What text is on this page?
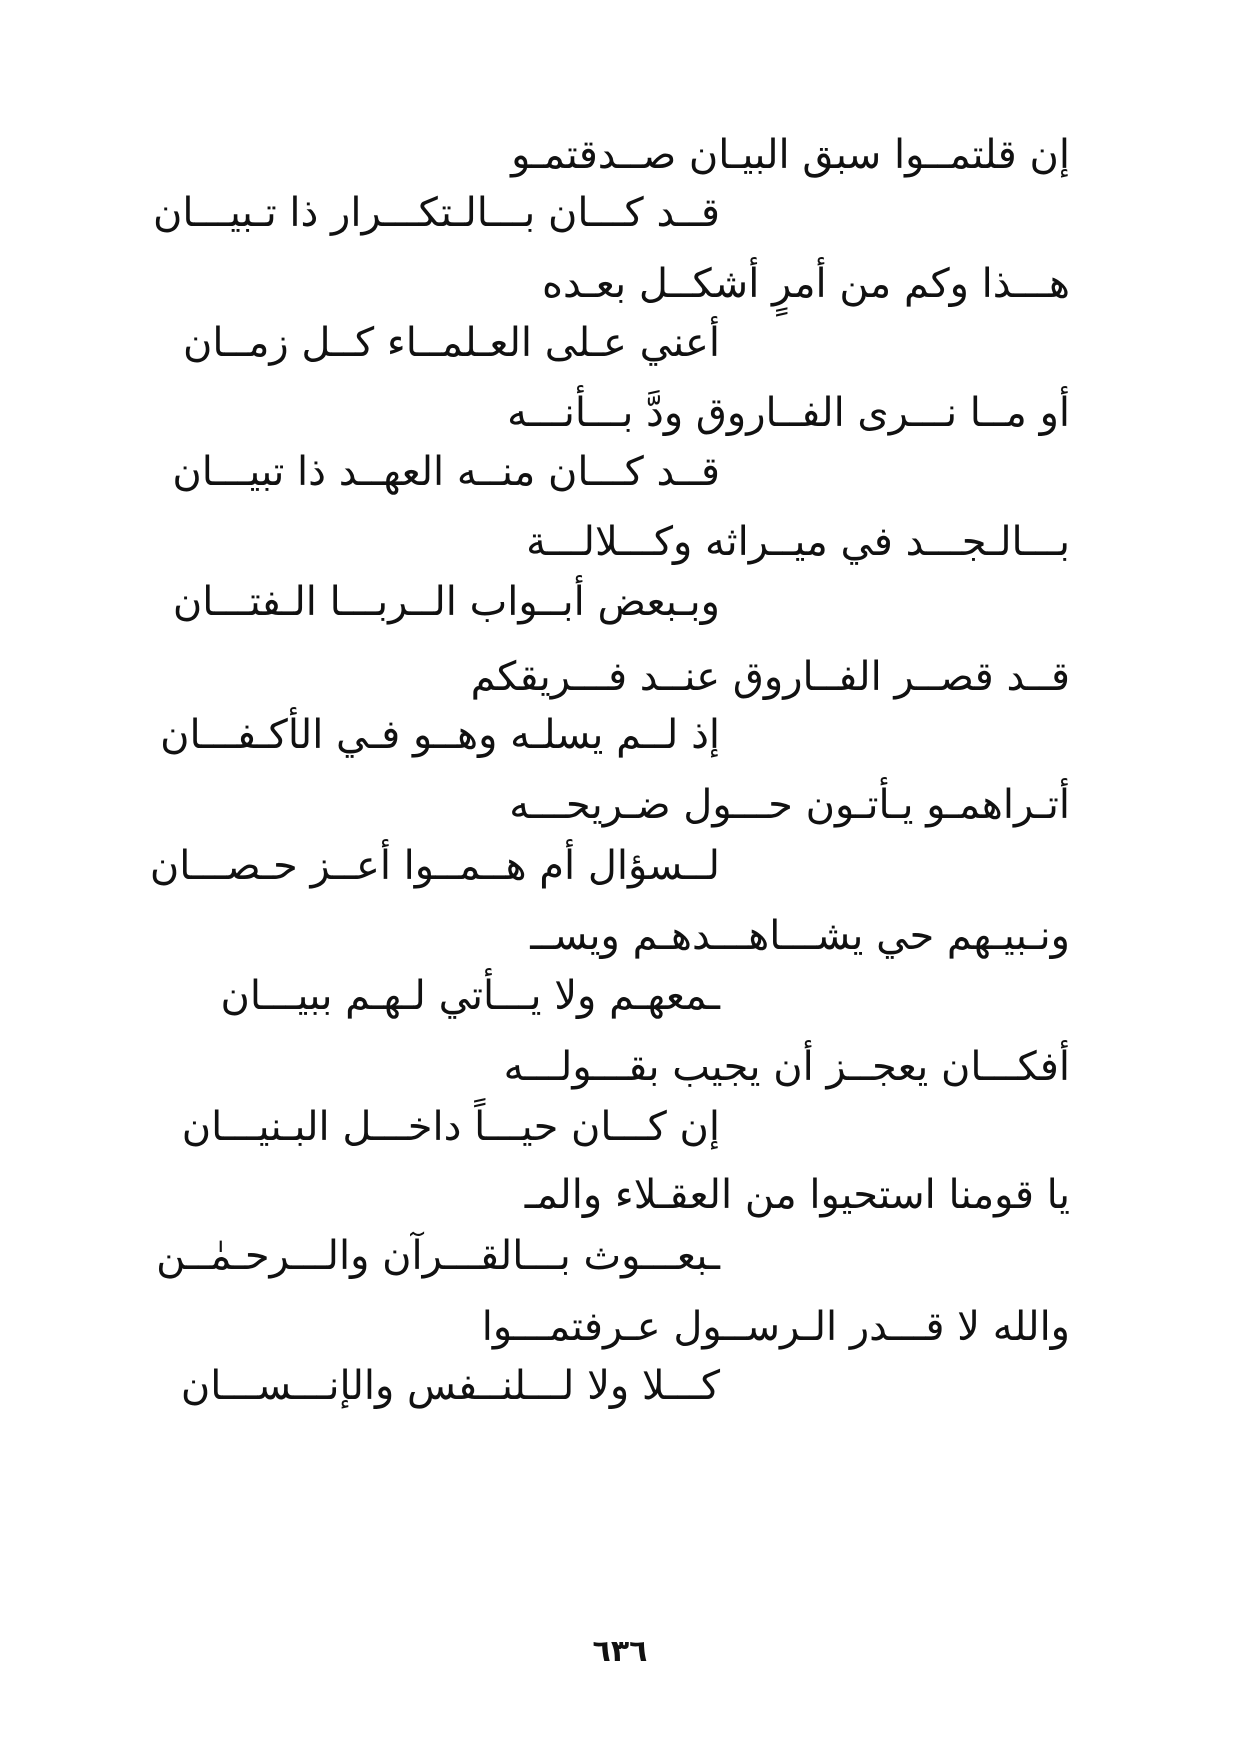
إن قلتمــوا سبق البيـان صــدقتمـو
قــد كـــان بـــالـتكـــرار ذا تـبيـــان
هـــذا وكم من أمرٍ أشكــل بعـده
أعني عـلى العـلمــاء كــل زمــان
أو مــا نـــرى الفــاروق ودَّ بـــأنـــه
قــد كـــان منــه العهــد ذا تبيـــان
بـــالـجـــد في ميــراثه وكـــلالـــة
وبـبعض أبــواب الــربـــا الـفتـــان
قــد قصــر الفــاروق عنــد فـــريقكم
إذ لــم يسلـه وهــو فـي الأكـفـــان
أتـراهمـو يـأتـون حـــول ضـريحـــه
لــسؤال أم هــمــوا أعــز حـصـــان
ونـبيـهم حي يشـــاهـــدهـم ويســ
ـمعهـم ولا يـــأتي لـهـم ببيـــان
أفكـــان يعجــز أن يجيب بقـــولـــه
إن كـــان حيـــاً داخـــل البـنيـــان
يا قومنا استحيوا من العقـلاء والمـ
ـبعـــوث بـــالقـــرآن والـــرحـمٰــن
والله لا قـــدر الـرســول عـرفتمـــوا
كـــلا ولا لـــلنــفس والإنـــســـان
٦٣٦
